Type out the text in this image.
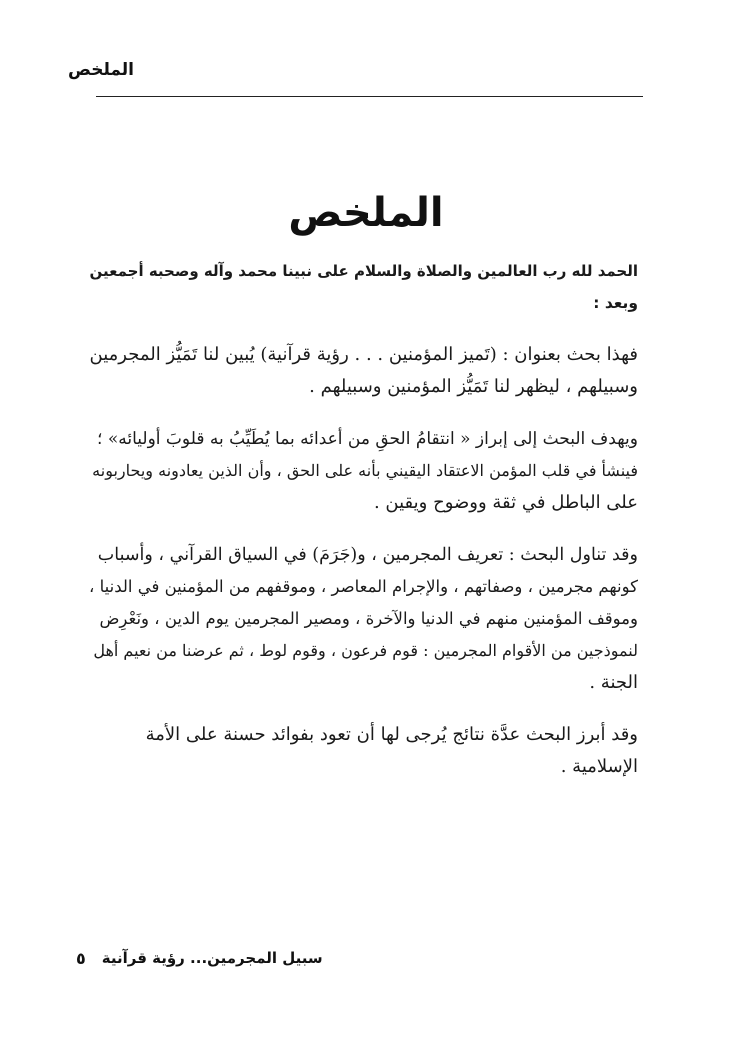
الملخص
الملخص
الحمد لله رب العالمين والصلاة والسلام على نبينا محمد وآله وصحبه أجمعين
وبعد :
فهذا بحث بعنوان : (تَميز المؤمنين . . . رؤية قرآنية) يُبين لنا تَمَيُّز المجرمين
وسبيلهم ، ليظهر لنا تَمَيُّز المؤمنين وسبيلهم .
ويهدف البحث إلى إبراز « انتقامُ الحقِ من أعدائه بما يُطَيِّبُ به قلوبَ أوليائه» ؛
فينشأ في قلب المؤمن الاعتقاد اليقيني بأنه على الحق ، وأن الذين يعادونه ويحاربونه
على الباطل في ثقة ووضوح ويقين .
وقد تناول البحث : تعريف المجرمين ، و(جَرَمَ) في السياق القرآني ، وأسباب
كونهم مجرمين ، وصفاتهم ، والإجرام المعاصر ، وموقفهم من المؤمنين في الدنيا ،
وموقف المؤمنين منهم في الدنيا والآخرة ، ومصير المجرمين يوم الدين ، ونَعْرِض
لنموذجين من الأقوام المجرمين : قوم فرعون ، وقوم لوط ، ثم عرضنا من نعيم أهل
الجنة .
وقد أبرز البحث عدَّة نتائج يُرجى لها أن تعود بفوائد حسنة على الأمة
الإسلامية .
٥ سبيل المجرمين... رؤية قرآنية
